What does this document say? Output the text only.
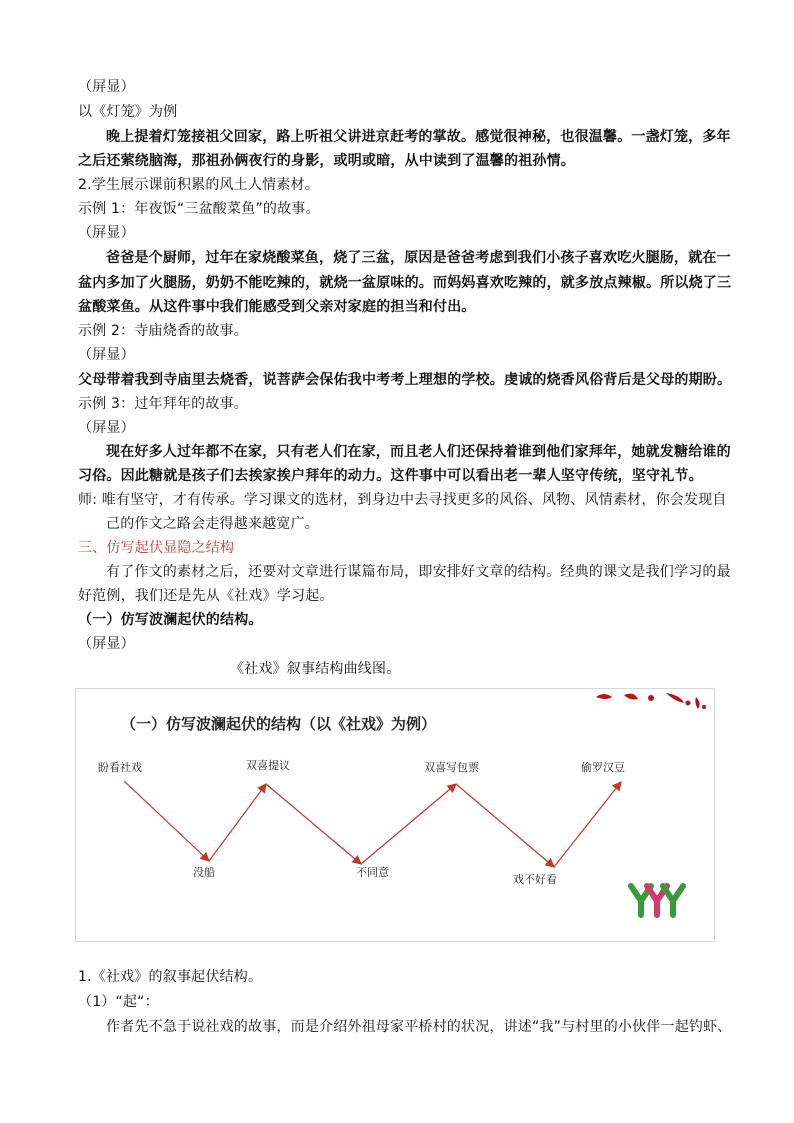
（屏显）
以《灯笼》为例
晚上提着灯笼接祖父回家，路上听祖父讲进京赶考的掌故。感觉很神秘，也很温馨。一盏灯笼，多年
之后还萦绕脑海，那祖孙俩夜行的身影，或明或暗，从中读到了温馨的祖孙情。
2.学生展示课前积累的风土人情素材。
示例 1：年夜饭“三盆酸菜鱼”的故事。
（屏显）
爸爸是个厨师，过年在家烧酸菜鱼，烧了三盆，原因是爸爸考虑到我们小孩子喜欢吃火腿肠，就在一
盆内多加了火腿肠，奶奶不能吃辣的，就烧一盆原味的。而妈妈喜欢吃辣的，就多放点辣椒。所以烧了三
盆酸菜鱼。从这件事中我们能感受到父亲对家庭的担当和付出。
示例 2：寺庙烧香的故事。
（屏显）
父母带着我到寺庙里去烧香，说菩萨会保佑我中考考上理想的学校。虔诚的烧香风俗背后是父母的期盼。
示例 3：过年拜年的故事。
（屏显）
现在好多人过年都不在家，只有老人们在家，而且老人们还保持着谁到他们家拜年，她就发糖给谁的
习俗。因此糖就是孩子们去挨家挨户拜年的动力。这件事中可以看出老一辈人坚守传统，坚守礼节。
师: 唯有坚守，才有传承。学习课文的选材，到身边中去寻找更多的风俗、风物、风情素材，你会发现自
己的作文之路会走得越来越宽广。
三、仿写起伏显隐之结构
有了作文的素材之后，还要对文章进行谋篇布局，即安排好文章的结构。经典的课文是我们学习的最
好范例，我们还是先从《社戏》学习起。
（一）仿写波澜起伏的结构。
（屏显）
《社戏》叙事结构曲线图。
（一）仿写波澜起伏的结构（以《社戏》为例）
盼看社戏
没船
双喜提议
不同意
双喜写包票
戏不好看
偷罗汉豆
1.《社戏》的叙事起伏结构。
（1）“起“：
作者先不急于说社戏的故事，而是介绍外祖母家平桥村的状况，讲述“我”与村里的小伙伴一起钓虾、
